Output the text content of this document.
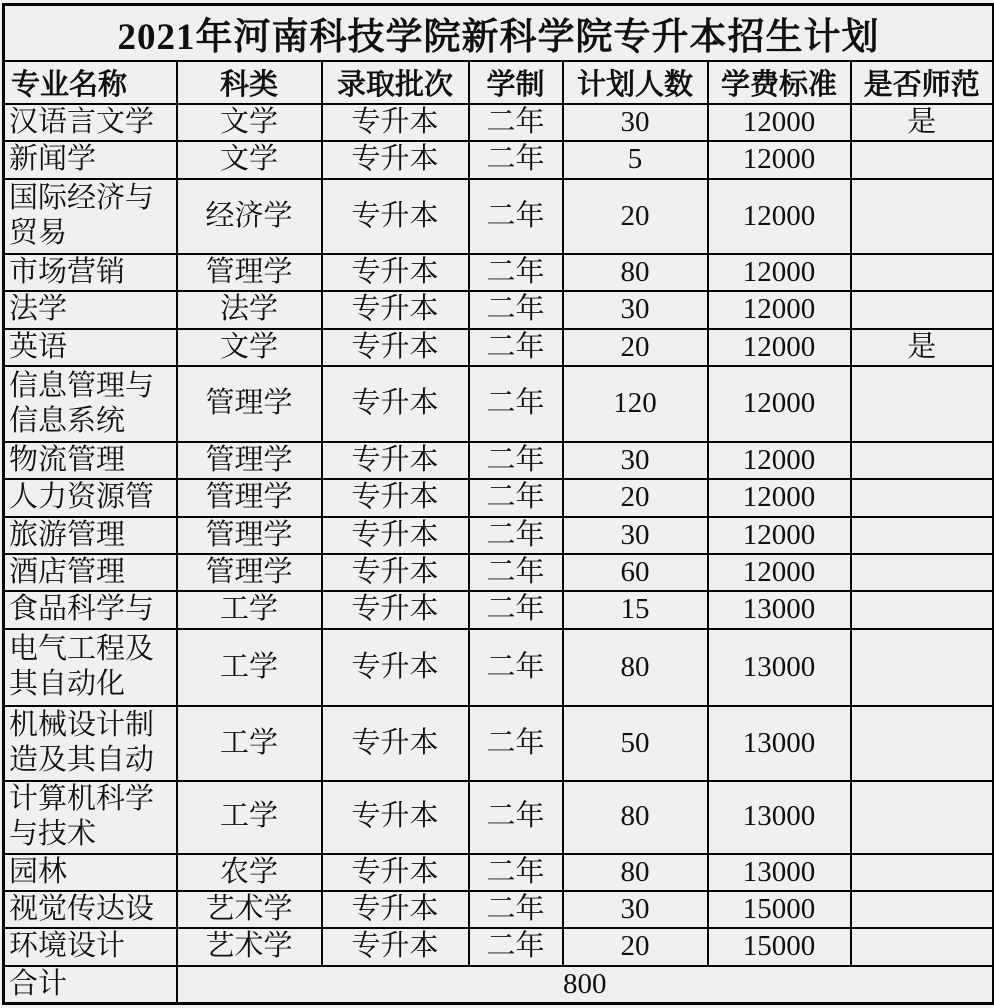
2021年河南科技学院新科学院专升本招生计划						
专业名称	科类	录取批次	学制	计划人数	学费标准	是否师范
汉语言文学	文学	专升本	二年	30	12000	是
新闻学	文学	专升本	二年	5	12000	
国际经济与贸易	经济学	专升本	二年	20	12000	
市场营销	管理学	专升本	二年	80	12000	
法学	法学	专升本	二年	30	12000	
英语	文学	专升本	二年	20	12000	是
信息管理与信息系统	管理学	专升本	二年	120	12000	
物流管理	管理学	专升本	二年	30	12000	
人力资源管	管理学	专升本	二年	20	12000	
旅游管理	管理学	专升本	二年	30	12000	
酒店管理	管理学	专升本	二年	60	12000	
食品科学与	工学	专升本	二年	15	13000	
电气工程及其自动化	工学	专升本	二年	80	13000	
机械设计制造及其自动	工学	专升本	二年	50	13000	
计算机科学与技术	工学	专升本	二年	80	13000	
园林	农学	专升本	二年	80	13000	
视觉传达设	艺术学	专升本	二年	30	15000	
环境设计	艺术学	专升本	二年	20	15000	
合计	800					
